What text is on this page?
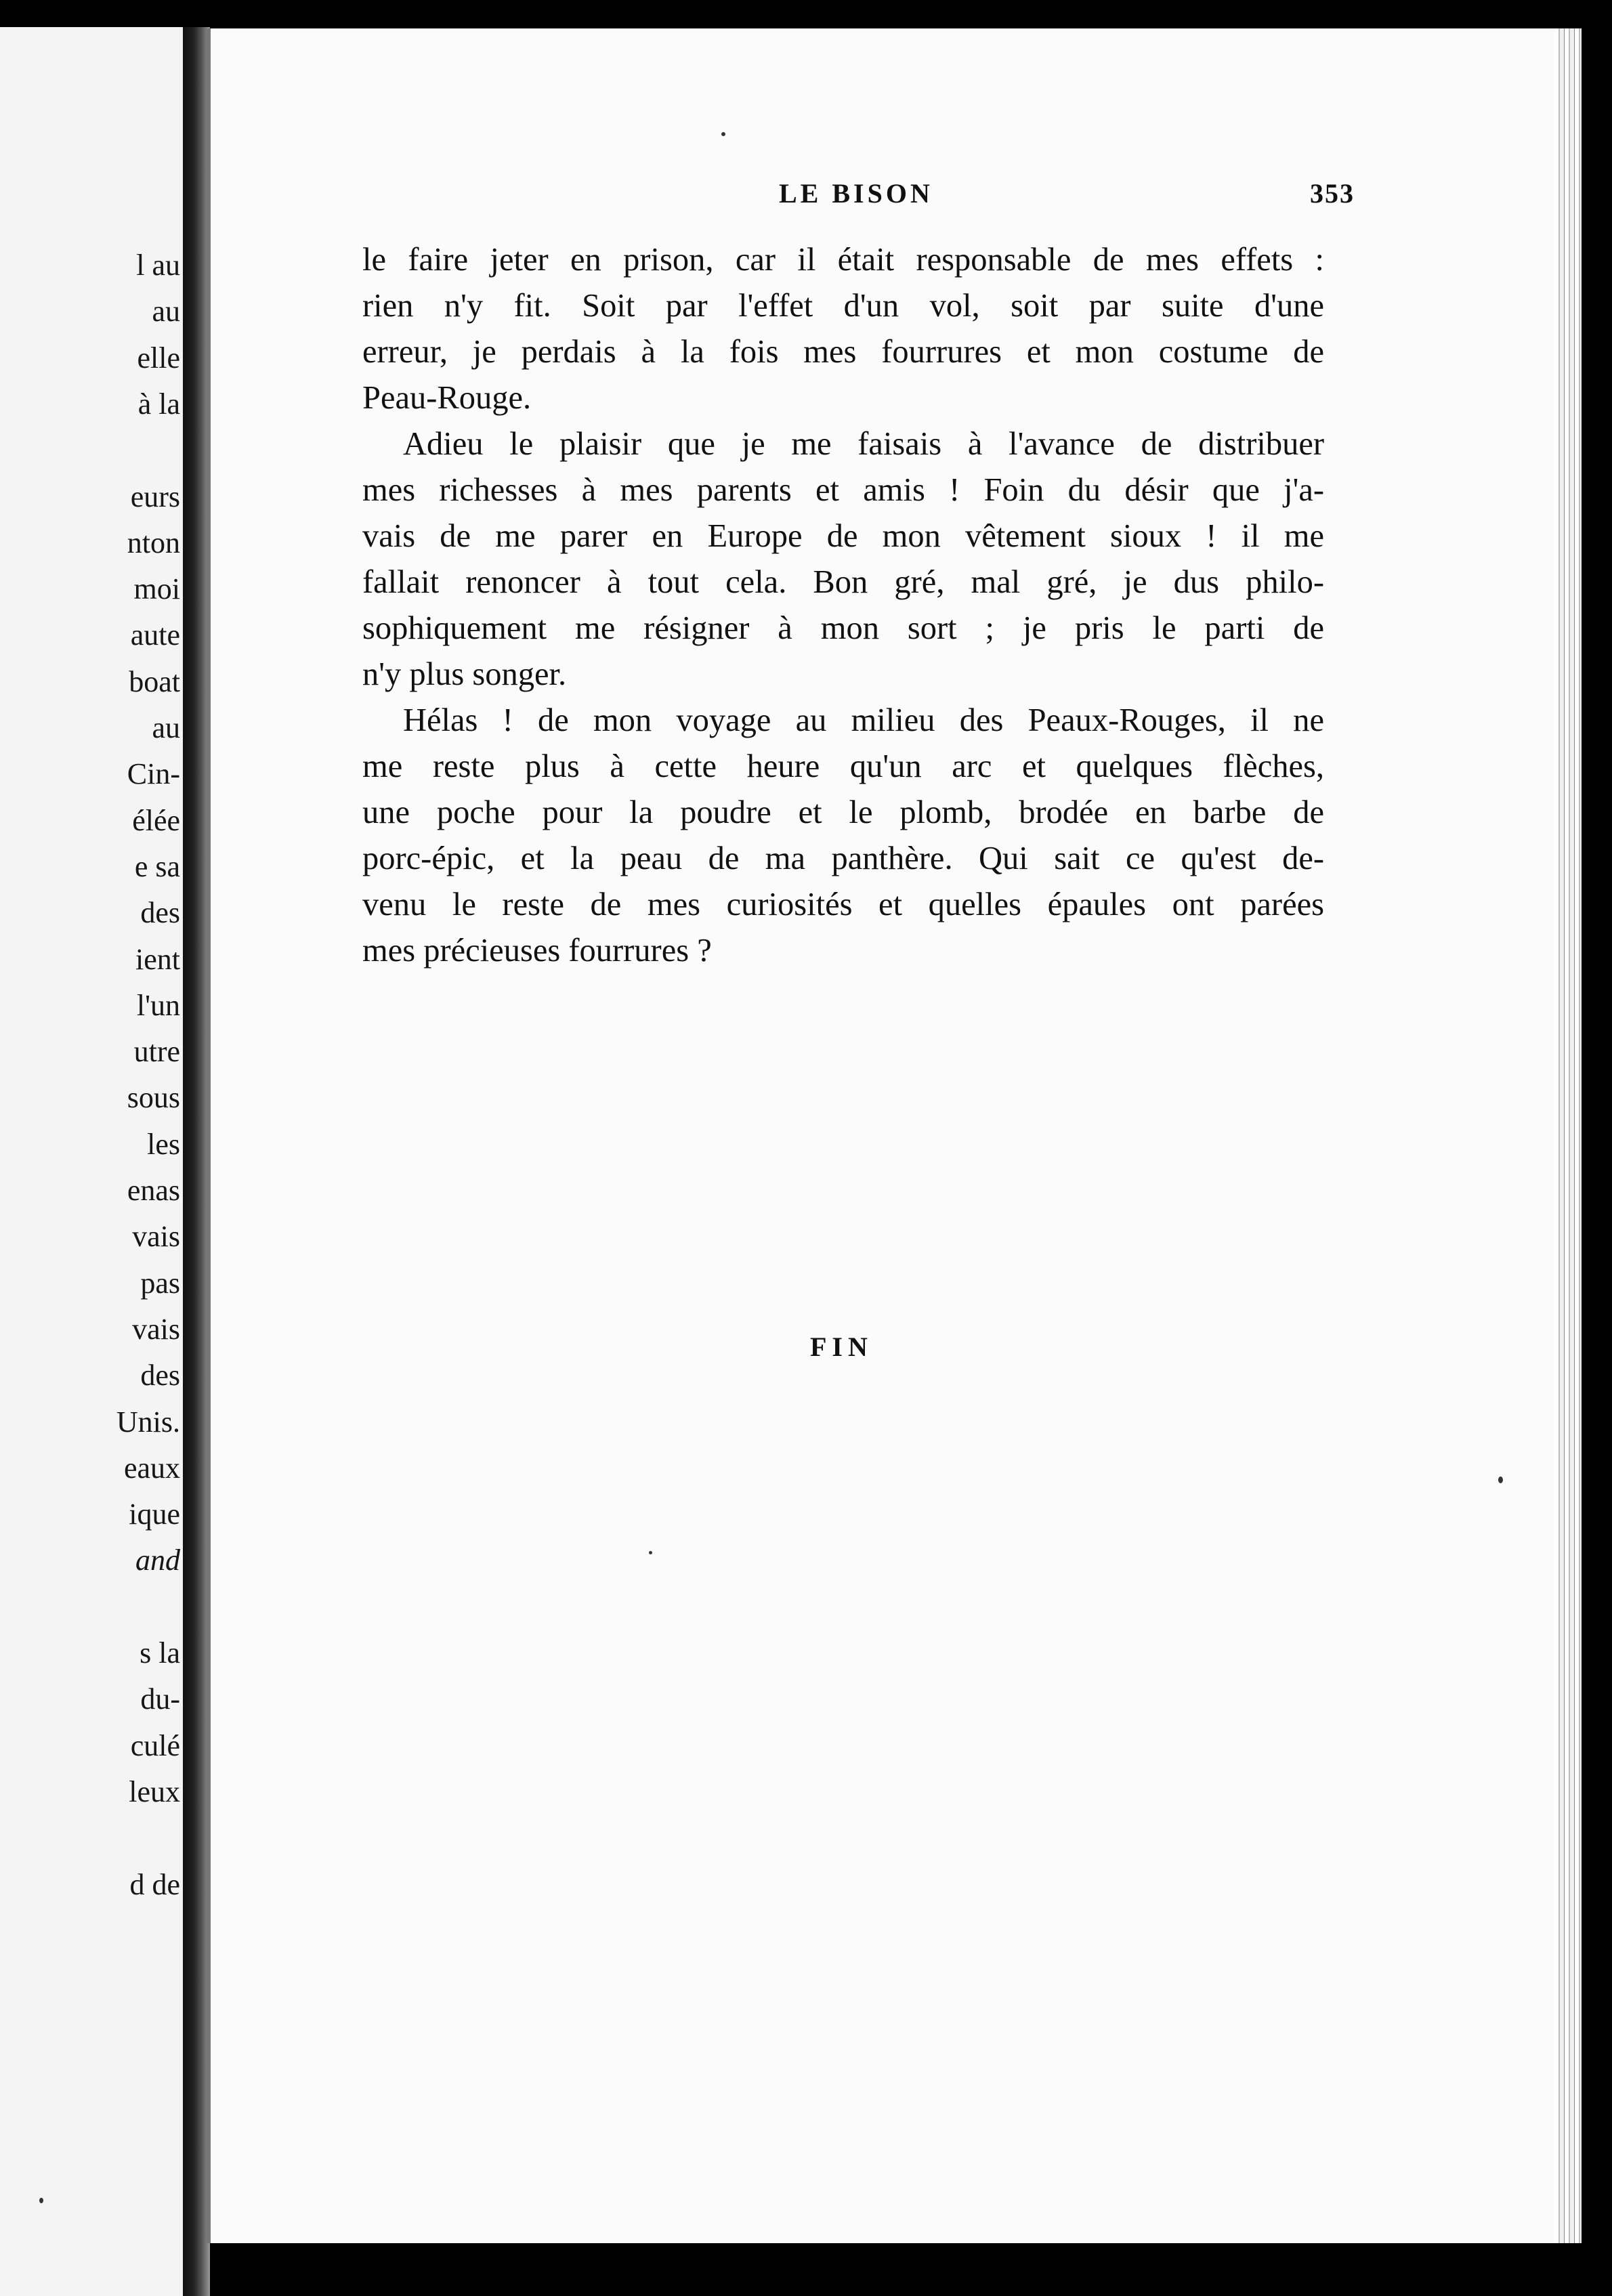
l au
au
elle
à la
eurs
nton
moi
aute
boat
au
Cin-
élée
e sa
des
ient
l'un
utre
sous
les
enas
vais
pas
vais
des
Unis.
eaux
ique
and
s la
du-
culé
leux
d de
LE BISON	353

le faire jeter en prison, car il était responsable de mes effets :
rien n'y fit. Soit par l'effet d'un vol, soit par suite d'une
erreur, je perdais à la fois mes fourrures et mon costume de
Peau-Rouge.

Adieu le plaisir que je me faisais à l'avance de distribuer
mes richesses à mes parents et amis ! Foin du désir que j'a-
vais de me parer en Europe de mon vêtement sioux ! il me
fallait renoncer à tout cela. Bon gré, mal gré, je dus philo-
sophiquement me résigner à mon sort ; je pris le parti de
n'y plus songer.

Hélas ! de mon voyage au milieu des Peaux-Rouges, il ne
me reste plus à cette heure qu'un arc et quelques flèches,
une poche pour la poudre et le plomb, brodée en barbe de
porc-épic, et la peau de ma panthère. Qui sait ce qu'est de-
venu le reste de mes curiosités et quelles épaules ont parées
mes précieuses fourrures ?

FIN
